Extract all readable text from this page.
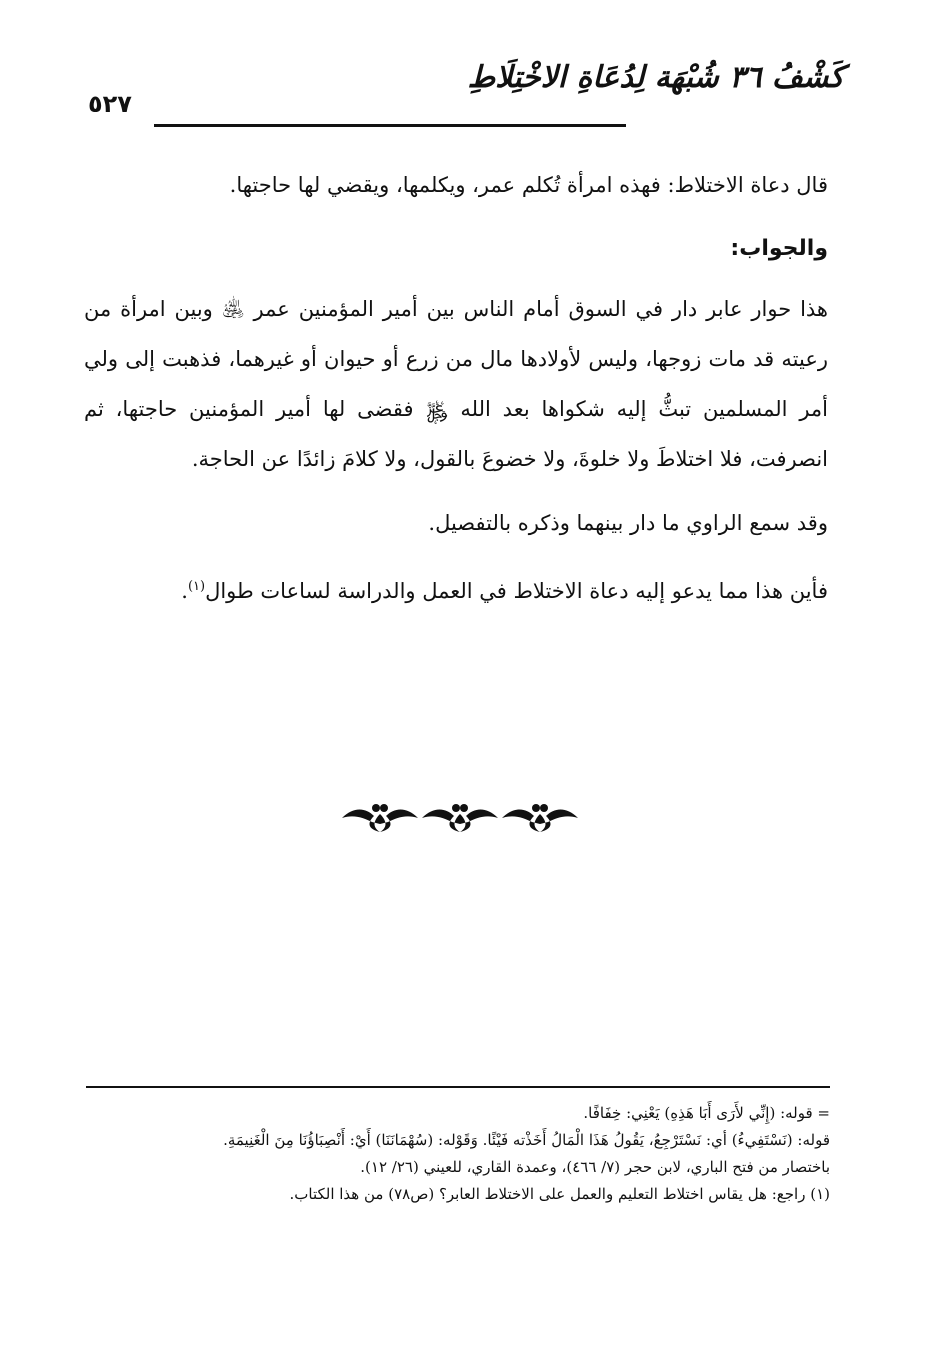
٥٢٧
كَشْفُ ٣٦ شُبْهَة لِدُعَاةِ الاخْتِلَاطِ

قال دعاة الاختلاط: فهذه امرأة تُكلم عمر، ويكلمها، ويقضي لها حاجتها.

والجواب:

هذا حوار عابر دار في السوق أمام الناس بين أمير المؤمنين عمر ﵁ وبين امرأة من رعيته قد مات زوجها، وليس لأولادها مال من زرع أو حيوان أو غيرهما، فذهبت إلى ولي أمر المسلمين تبثُّ إليه شكواها بعد الله ﷿ فقضى لها أمير المؤمنين حاجتها، ثم انصرفت، فلا اختلاطَ ولا خلوةَ، ولا خضوعَ بالقول، ولا كلامَ زائدًا عن الحاجة.

وقد سمع الراوي ما دار بينهما وذكره بالتفصيل.

فأين هذا مما يدعو إليه دعاة الاختلاط في العمل والدراسة لساعات طوال$^{(١)}$.

= قوله: (إِنِّي لأَرَى أَبَا هَذِهِ) يَعْنِي: خِفَافًا.

قوله: (نَسْتَفِيءُ) أي: نَسْتَرْجِعُ، يَقُولُ هَذَا الْمَالُ أَخَذْته فَيْئًا. وَقَوْله: (سُهْمَانَنَا) أَيْ: أَنْصِبَاؤُنَا مِنَ الْغَنِيمَةِ.

باختصار من فتح الباري، لابن حجر (٧/ ٤٦٦)، وعمدة القاري، للعيني (٢٦/ ١٢).

(١) راجع: هل يقاس اختلاط التعليم والعمل على الاختلاط العابر؟ (ص٧٨) من هذا الكتاب.
